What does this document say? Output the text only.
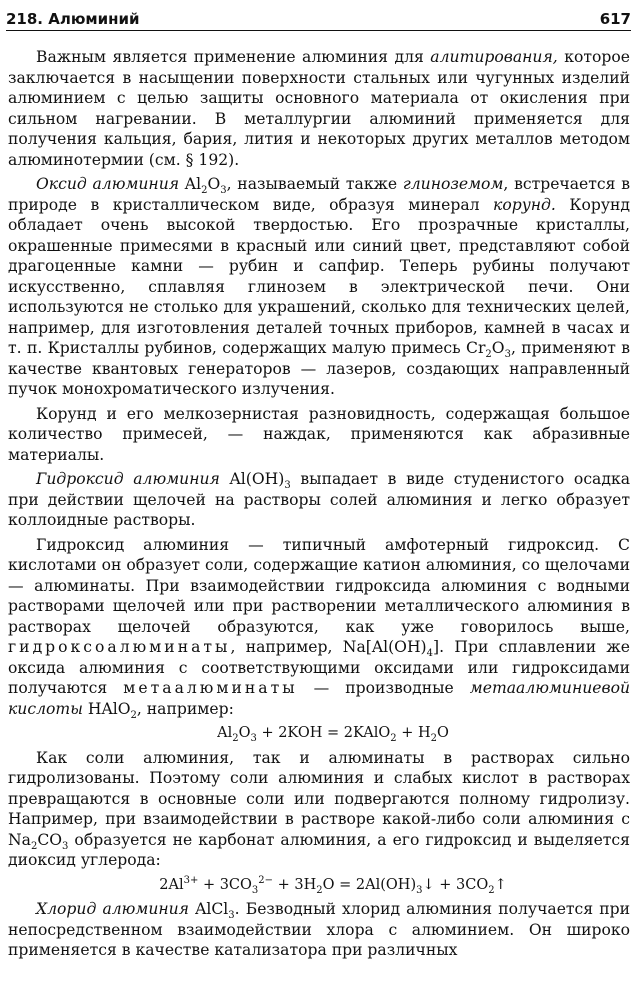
218. Алюминий	617

Важным является применение алюминия для алитирования, которое заключается в насыщении поверхности стальных или чугунных изделий алюминием с целью защиты основного материала от окисления при сильном нагревании. В металлургии алюминий применяется для получения кальция, бария, лития и некоторых других металлов методом алюминотермии (см. § 192).

Оксид алюминия $Al_2O_3$, называемый также глиноземом, встречается в природе в кристаллическом виде, образуя минерал корунд. Корунд обладает очень высокой твердостью. Его прозрачные кристаллы, окрашенные примесями в красный или синий цвет, представляют собой драгоценные камни — рубин и сапфир. Теперь рубины получают искусственно, сплавляя глинозем в электрической печи. Они используются не столько для украшений, сколько для технических целей, например, для изготовления деталей точных приборов, камней в часах и т. п. Кристаллы рубинов, содержащих малую примесь $Cr_2O_3$, применяют в качестве квантовых генераторов — лазеров, создающих направленный пучок монохроматического излучения.

Корунд и его мелкозернистая разновидность, содержащая большое количество примесей, — наждак, применяются как абразивные материалы.

Гидроксид алюминия $Al(OH)_3$ выпадает в виде студенистого осадка при действии щелочей на растворы солей алюминия и легко образует коллоидные растворы.

Гидроксид алюминия — типичный амфотерный гидроксид. С кислотами он образует соли, содержащие катион алюминия, со щелочами — алюминаты. При взаимодействии гидроксида алюминия с водными растворами щелочей или при растворении металлического алюминия в растворах щелочей образуются, как уже говорилось выше, гидроксоалюминаты, например, $Na[Al(OH)_4]$. При сплавлении же оксида алюминия с соответствующими оксидами или гидроксидами получаются метаалюминаты — производные метаалюминиевой кислоты HAlO$_2$, например:

$Al_2O_3 + 2KOH$ = 2KAlO$_2$ + $H_2O$

Как соли алюминия, так и алюминаты в растворах сильно гидролизованы. Поэтому соли алюминия и слабых кислот в растворах превращаются в основные соли или подвергаются полному гидролизу. Например, при взаимодействии в растворе какой-либо соли алюминия с $Na_2CO_3$ образуется не карбонат алюминия, а его гидроксид и выделяется диоксид углерода:

$2Al^{3+} + 3CO_3^{2-} + 3H_2O$ = $2Al(OH)_3↓$ + $3CO_2↑$

Хлорид алюминия AlCl$_3$. Безводный хлорид алюминия получается при непосредственном взаимодействии хлора с алюминием. Он широко применяется в качестве катализатора при различных
